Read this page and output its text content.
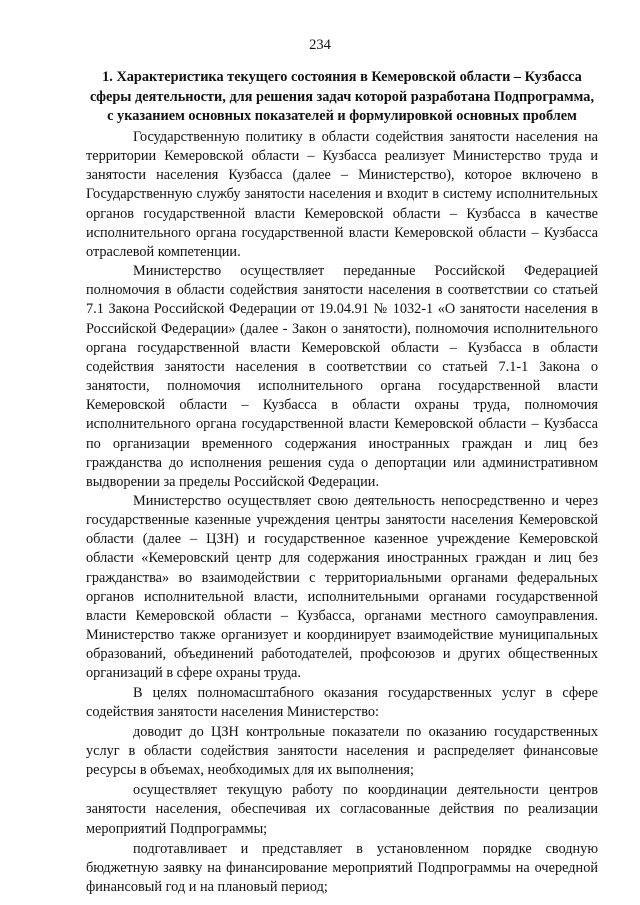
234
1. Характеристика текущего состояния в Кемеровской области – Кузбасса
сферы деятельности, для решения задач которой разработана Подпрограмма,
с указанием основных показателей и формулировкой основных проблем

Государственную политику в области содействия занятости населения на территории Кемеровской области – Кузбасса реализует Министерство труда и занятости населения Кузбасса (далее – Министерство), которое включено в Государственную службу занятости населения и входит в систему исполнительных органов государственной власти Кемеровской области – Кузбасса в качестве исполнительного органа государственной власти Кемеровской области – Кузбасса отраслевой компетенции.

Министерство осуществляет переданные Российской Федерацией полномочия в области содействия занятости населения в соответствии со статьей 7.1 Закона Российской Федерации от 19.04.91 № 1032-1 «О занятости населения в Российской Федерации» (далее - Закон о занятости), полномочия исполнительного органа государственной власти Кемеровской области – Кузбасса в области содействия занятости населения в соответствии со статьей 7.1-1 Закона о занятости, полномочия исполнительного органа государственной власти Кемеровской области – Кузбасса в области охраны труда, полномочия исполнительного органа государственной власти Кемеровской области – Кузбасса по организации временного содержания иностранных граждан и лиц без гражданства до исполнения решения суда о депортации или административном выдворении за пределы Российской Федерации.

Министерство осуществляет свою деятельность непосредственно и через государственные казенные учреждения центры занятости населения Кемеровской области (далее – ЦЗН) и государственное казенное учреждение Кемеровской области «Кемеровский центр для содержания иностранных граждан и лиц без гражданства» во взаимодействии с территориальными органами федеральных органов исполнительной власти, исполнительными органами государственной власти Кемеровской области – Кузбасса, органами местного самоуправления. Министерство также организует и координирует взаимодействие муниципальных образований, объединений работодателей, профсоюзов и других общественных организаций в сфере охраны труда.

В целях полномасштабного оказания государственных услуг в сфере содействия занятости населения Министерство:

доводит до ЦЗН контрольные показатели по оказанию государственных услуг в области содействия занятости населения и распределяет финансовые ресурсы в объемах, необходимых для их выполнения;

осуществляет текущую работу по координации деятельности центров занятости населения, обеспечивая их согласованные действия по реализации мероприятий Подпрограммы;

подготавливает и представляет в установленном порядке сводную бюджетную заявку на финансирование мероприятий Подпрограммы на очередной финансовый год и на плановый период;
